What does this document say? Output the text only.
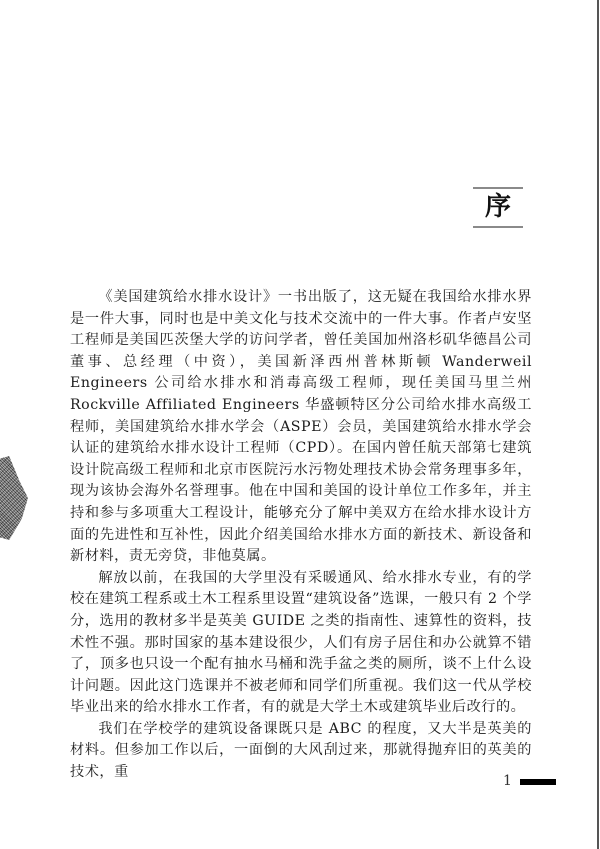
序

《美国建筑给水排水设计》一书出版了，这无疑在我国给水排水界是一件大事，同时也是中美文化与技术交流中的一件大事。作者卢安坚工程师是美国匹茨堡大学的访问学者，曾任美国加州洛杉矶华德昌公司董事、总经理（中资），美国新泽西州普林斯顿 Wanderweil Engineers 公司给水排水和消毒高级工程师，现任美国马里兰州 Rockville Affiliated Engineers 华盛顿特区分公司给水排水高级工程师，美国建筑给水排水学会（ASPE）会员，美国建筑给水排水学会认证的建筑给水排水设计工程师（CPD）。在国内曾任航天部第七建筑设计院高级工程师和北京市医院污水污物处理技术协会常务理事多年，现为该协会海外名誉理事。他在中国和美国的设计单位工作多年，并主持和参与多项重大工程设计，能够充分了解中美双方在给水排水设计方面的先进性和互补性，因此介绍美国给水排水方面的新技术、新设备和新材料，责无旁贷，非他莫属。

解放以前，在我国的大学里没有采暖通风、给水排水专业，有的学校在建筑工程系或土木工程系里设置“建筑设备”选课，一般只有 2 个学分，选用的教材多半是英美 GUIDE 之类的指南性、速算性的资料，技术性不强。那时国家的基本建设很少，人们有房子居住和办公就算不错了，顶多也只设一个配有抽水马桶和洗手盆之类的厕所，谈不上什么设计问题。因此这门选课并不被老师和同学们所重视。我们这一代从学校毕业出来的给水排水工作者，有的就是大学土木或建筑毕业后改行的。

我们在学校学的建筑设备课既只是 ABC 的程度，又大半是英美的材料。但参加工作以后，一面倒的大风刮过来，那就得抛弃旧的英美的技术，重

1
